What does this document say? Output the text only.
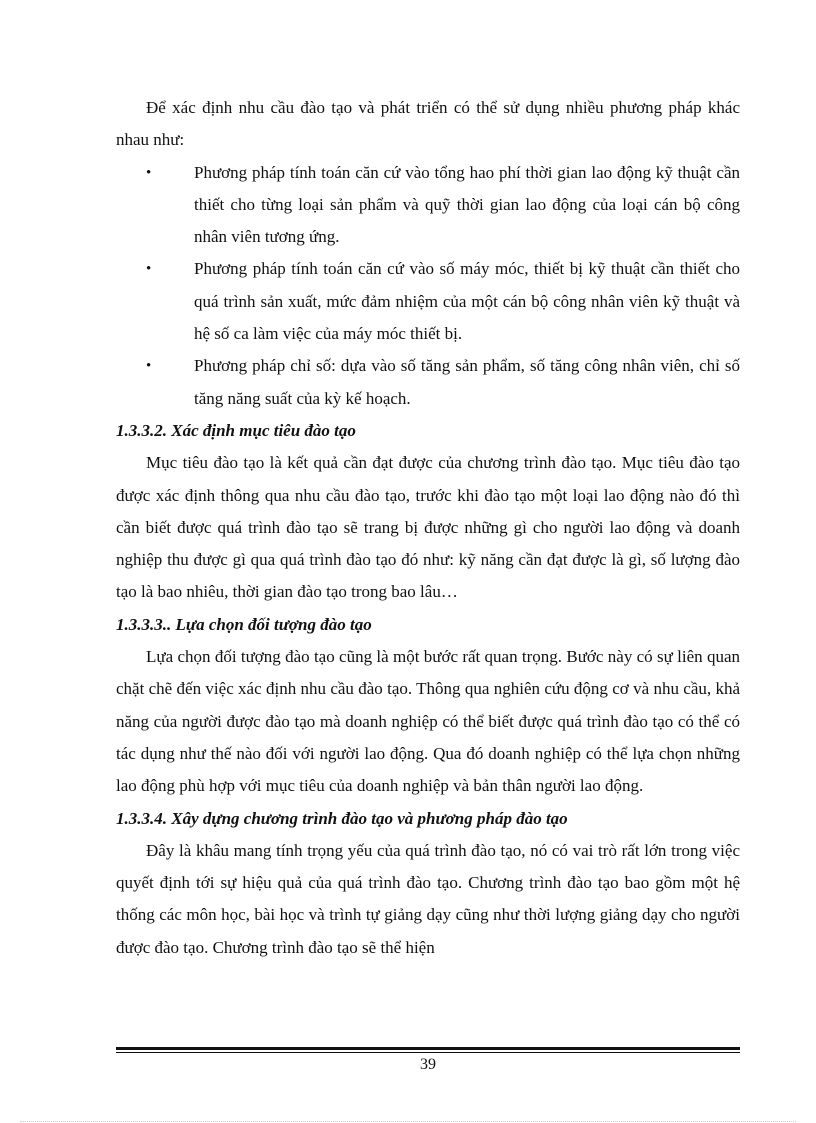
Để xác định nhu cầu đào tạo và phát triển có thể sử dụng nhiều phương pháp khác nhau như:

•	Phương pháp tính toán căn cứ vào tổng hao phí thời gian lao động kỹ thuật cần thiết cho từng loại sản phẩm và quỹ thời gian lao động của loại cán bộ công nhân viên tương ứng.
•	Phương pháp tính toán căn cứ vào số máy móc, thiết bị kỹ thuật cần thiết cho quá trình sản xuất, mức đảm nhiệm của một cán bộ công nhân viên kỹ thuật và hệ số ca làm việc của máy móc thiết bị.
•	Phương pháp chỉ số: dựa vào số tăng sản phẩm, số tăng công nhân viên, chỉ số tăng năng suất của kỳ kế hoạch.
1.3.3.2. Xác định mục tiêu đào tạo

Mục tiêu đào tạo là kết quả cần đạt được của chương trình đào tạo. Mục tiêu đào tạo được xác định thông qua nhu cầu đào tạo, trước khi đào tạo một loại lao động nào đó thì cần biết được quá trình đào tạo sẽ trang bị được những gì cho người lao động và doanh nghiệp thu được gì qua quá trình đào tạo đó như: kỹ năng cần đạt được là gì, số lượng đào tạo là bao nhiêu, thời gian đào tạo trong bao lâu…

1.3.3.3.. Lựa chọn đối tượng đào tạo

Lựa chọn đối tượng đào tạo cũng là một bước rất quan trọng. Bước này có sự liên quan chặt chẽ đến việc xác định nhu cầu đào tạo. Thông qua nghiên cứu động cơ và nhu cầu, khả năng của người được đào tạo mà doanh nghiệp có thể biết được quá trình đào tạo có thể có tác dụng như thế nào đối với người lao động. Qua đó doanh nghiệp có thể lựa chọn những lao động phù hợp với mục tiêu của doanh nghiệp và bản thân người lao động.

1.3.3.4. Xây dựng chương trình đào tạo và phương pháp đào tạo

Đây là khâu mang tính trọng yếu của quá trình đào tạo, nó có vai trò rất lớn trong việc quyết định tới sự hiệu quả của quá trình đào tạo. Chương trình đào tạo bao gồm một hệ thống các môn học, bài học và trình tự giảng dạy cũng như thời lượng giảng dạy cho người được đào tạo. Chương trình đào tạo sẽ thể hiện

39
